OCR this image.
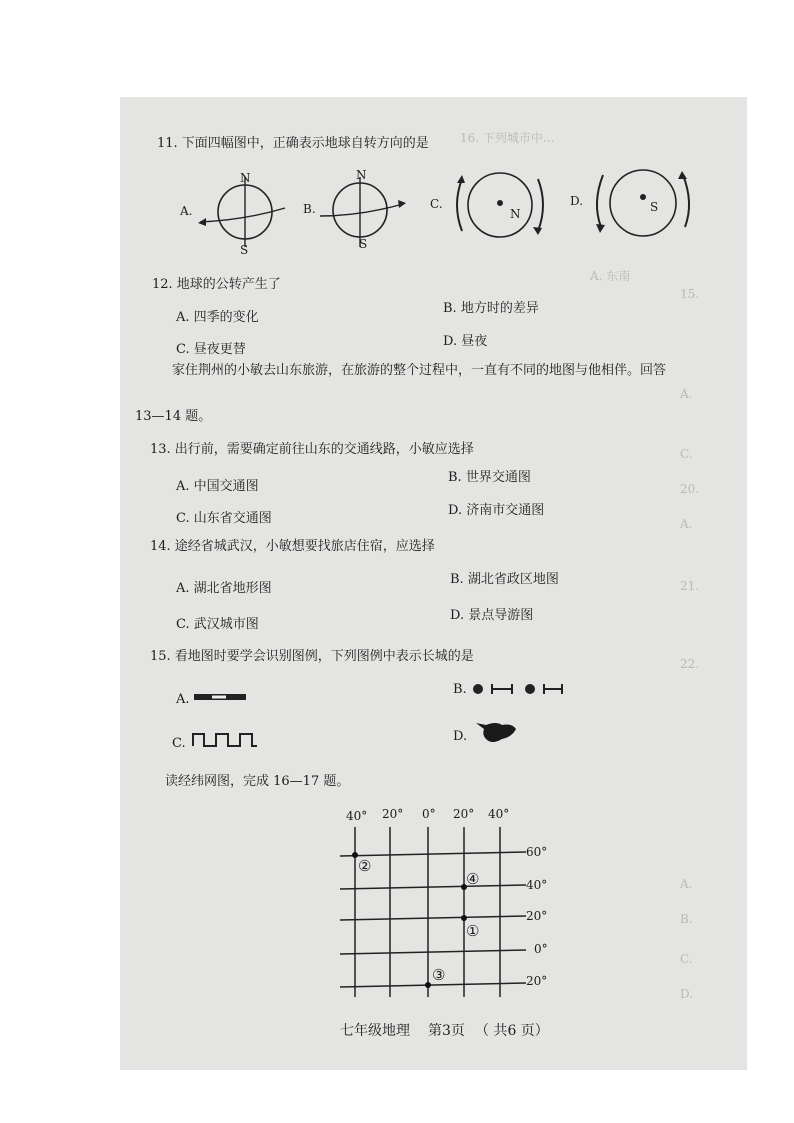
16. 下列城市中...
A. 东南
15.
A.
C.
20.
A.
21.
22.
A.
B.
C.
D.
11. 下面四幅图中，正确表示地球自转方向的是
A.
N
S
B.
N
S
C.
N
D.	S
12. 地球的公转产生了
A. 四季的变化
B. 地方时的差异
C. 昼夜更替
D. 昼夜
家住荆州的小敏去山东旅游，在旅游的整个过程中，一直有不同的地图与他相伴。回答
13—14 题。
13. 出行前，需要确定前往山东的交通线路，小敏应选择
A. 中国交通图
B. 世界交通图
C. 山东省交通图
D. 济南市交通图
14. 途经省城武汉，小敏想要找旅店住宿，应选择
A. 湖北省地形图
B. 湖北省政区地图
C. 武汉城市图
D. 景点导游图
15. 看地图时要学会识别图例，下列图例中表示长城的是
A.
B.
C.	D.
读经纬网图，完成 16—17 题。
40° 20° 0° 20° 40°
60°
40°
20°
0°
20°
②
④
①
③
七年级地理 第3页 （ 共6 页）
